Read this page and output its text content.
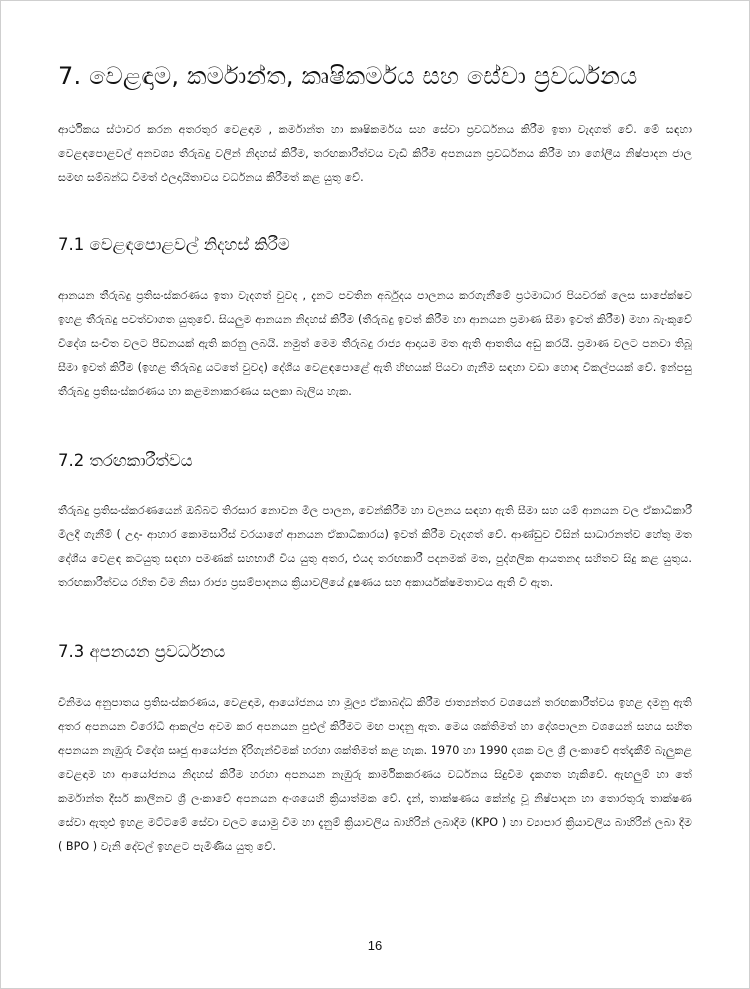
7. වෙළඳාම, කර්මාන්ත, කෘෂිකර්මය සහ සේවා ප්‍රවර්ධනය

ආර්ථිකය ස්ථාවර කරන අතරතුර වෙළඳාම , කර්මාන්ත හා කෘෂිකර්මය සහ සේවා ප්‍රවර්ධනය කිරීම ඉතා වැදගත් වේ. මේ සඳහා වෙළඳපොළවල් අනවශ්‍ය තීරුබදු වලින් නිදහස් කිරීම, තරඟකාරීත්වය වැඩි කිරීම අපනයන ප්‍රවර්ධනය කිරීම හා ගෝලීය නිෂ්පාදන ජාල සමඟ සම්බන්ධ වීමත් ඵලදායිතාවය වර්ධනය කිරීමත් කළ යුතු වේ.

7.1 වෙළඳපොළවල් නිදහස් කිරීම

ආනයන තීරුබදු ප්‍රතිසංස්කරණය ඉතා වැදගත් වුවද , දැනට පවතින අර්බුදය පාලනය කරගැනීමේ ප්‍රථමාධාර පියවරක් ලෙස සාපේක්ෂව ඉහළ තීරුබදු පවත්වාගත යුතුවේ. සියලුම ආනයන නිදහස් කිරීම (තීරුබදු ඉවත් කිරීම හා ආනයන ප්‍රමාණ සීමා ඉවත් කිරීම) මහා බැංකුවේ විදේශ සංචිත වලට පීඩනයක් ඇති කරනු ලබයි. නමුත් මෙම තීරුබදු රාජ්‍ය ආදායම මත ඇති ආතතිය අඩු කරයි. ප්‍රමාණ වලට පනවා තිබූ සීමා ඉවත් කිරීම (ඉහළ තීරුබදු යටතේ වුවද) දේශීය වෙළඳපොළේ ඇති හිඟයක් පියවා ගැනීම සඳහා වඩා හොඳ විකල්පයක් වේ. ඉන්පසු තීරුබදු ප්‍රතිසංස්කරණය හා කළමනාකරණය සලකා බැලිය හැක.

7.2 තරඟකාරීත්වය

තීරුබදු ප්‍රතිසංස්කරණයෙන් ඔබ්බට තිරසාර නොවන මිල පාලන, වෙන්කිරීම හා වලනය සඳහා ඇති සීමා සහ යම් ආනයන වල ඒකාධිකාරී මිලදී ගැනීම් ( උදා- ආහාර කොමසාරිස් වරයාගේ ආනයන ඒකාධිකාරය) ඉවත් කිරීම වැදගත් වේ. ආණ්ඩුව විසින් සාධාරනත්ව හේතු මත දේශීය වෙළඳ කටයුතු සඳහා පමණක් සහභාගී විය යුතු අතර, එයද තරඟකාරී පදනමක් මත, පුද්ගලික ආයතනද සහිතව සිදු කළ යුතුය. තරඟකාරීත්වය රහිත වීම නිසා රාජ්‍ය ප්‍රසම්පාදනය ක්‍රියාවලියේ දූෂණය සහ අකාර්යක්ෂමතාවය ඇති වී ඇත.

7.3 අපනයන ප්‍රවර්ධනය

විනිමය අනුපාතය ප්‍රතිසංස්කරණය, වෙළඳාම, ආයෝජනය හා මූල්‍ය ඒකාබද්ධ කිරීම ජාත්‍යන්තර වශයෙන් තරඟකාරීත්වය ඉහළ දමනු ඇති අතර අපනයන විරෝධී ආකල්ප අවම කර අපනයන පුළුල් කිරීමට මඟ පාදනු ඇත. මෙය ශක්තිමත් හා දේශපාලන වශයෙන් සහය සහිත අපනයන නැඹුරු විදේශ සෘජු ආයෝජන දිරිගැන්වීමක් හරහා ශක්තිමත් කළ හැක. 1970 හා 1990 දශක වල ශ්‍රී ලංකාවේ අත්දැකීම් බැලුකළ වෙළඳාම හා ආයෝජනය නිදහස් කිරීම හරහා අපනයන නැඹුරු කාර්මිකකරණය වර්ධනය සිදුවීම දැකගත හැකිවේ. ඇඟලුම් හා තේ කර්මාන්ත දීර්ඝ කාලීනව ශ්‍රී ලංකාවේ අපනයන අංශයෙහි ක්‍රියාත්මක වේ. දැන්, තාක්ෂණය කේන්ද්‍ර වූ නිෂ්පාදන හා තොරතුරු තාක්ෂණ සේවා ඇතුළු ඉහළ මට්ටමේ සේවා වලට යොමු වීම හා දැනුම් ක්‍රියාවලිය බාහිරින් ලබාදීම (KPO ) හා ව්‍යාපාර ක්‍රියාවලිය බාහිරින් ලබා දීම ( BPO ) වැනි දේවල් ඉහළට පැමිණිය යුතු වේ.

16
